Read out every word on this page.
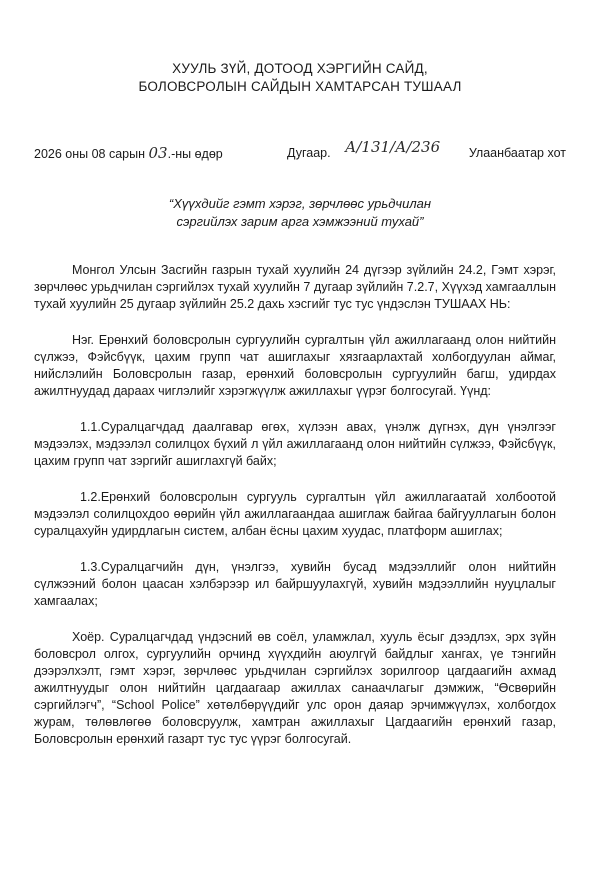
ХУУЛЬ ЗҮЙ, ДОТООД ХЭРГИЙН САЙД,
БОЛОВСРОЛЫН САЙДЫН ХАМТАРСАН ТУШААЛ
2026 оны 08 сарын 03.-ны өдөр	Дугаар. А/131/А/236 Улаанбаатар хот
“Хүүхдийг гэмт хэрэг, зөрчлөөс урьдчилан
сэргийлэх зарим арга хэмжээний тухай”

Монгол Улсын Засгийн газрын тухай хуулийн 24 дүгээр зүйлийн 24.2, Гэмт хэрэг, зөрчлөөс урьдчилан сэргийлэх тухай хуулийн 7 дугаар зүйлийн 7.2.7, Хүүхэд хамгааллын тухай хуулийн 25 дугаар зүйлийн 25.2 дахь хэсгийг тус тус үндэслэн ТУШААХ НЬ:

Нэг. Ерөнхий боловсролын сургуулийн сургалтын үйл ажиллагаанд олон нийтийн сүлжээ, Фэйсбүүк, цахим групп чат ашиглахыг хязгаарлахтай холбогдуулан аймаг, нийслэлийн Боловсролын газар, ерөнхий боловсролын сургуулийн багш, удирдах ажилтнуудад дараах чиглэлийг хэрэгжүүлж ажиллахыг үүрэг болгосугай. Үүнд:

1.1.Суралцагчдад даалгавар өгөх, хүлээн авах, үнэлж дүгнэх, дүн үнэлгээг мэдээлэх, мэдээлэл солилцох бүхий л үйл ажиллагаанд олон нийтийн сүлжээ, Фэйсбүүк, цахим групп чат зэргийг ашиглахгүй байх;

1.2.Ерөнхий боловсролын сургууль сургалтын үйл ажиллагаатай холбоотой мэдээлэл солилцохдоо өөрийн үйл ажиллагаандаа ашиглаж байгаа байгууллагын болон суралцахуйн удирдлагын систем, албан ёсны цахим хуудас, платформ ашиглах;

1.3.Суралцагчийн дүн, үнэлгээ, хувийн бусад мэдээллийг олон нийтийн сүлжээний болон цаасан хэлбэрээр ил байршуулахгүй, хувийн мэдээллийн нууцлалыг хамгаалах;

Хоёр. Суралцагчдад үндэсний өв соёл, уламжлал, хууль ёсыг дээдлэх, эрх зүйн боловсрол олгох, сургуулийн орчинд хүүхдийн аюулгүй байдлыг хангах, үе тэнгийн дээрэлхэлт, гэмт хэрэг, зөрчлөөс урьдчилан сэргийлэх зорилгоор цагдаагийн ахмад ажилтнуудыг олон нийтийн цагдаагаар ажиллах санаачлагыг дэмжиж, “Өсвөрийн сэргийлэгч”, “School Police” хөтөлбөрүүдийг улс орон даяар эрчимжүүлэх, холбогдох журам, төлөвлөгөө боловсруулж, хамтран ажиллахыг Цагдаагийн ерөнхий газар, Боловсролын ерөнхий газарт тус тус үүрэг болгосугай.
